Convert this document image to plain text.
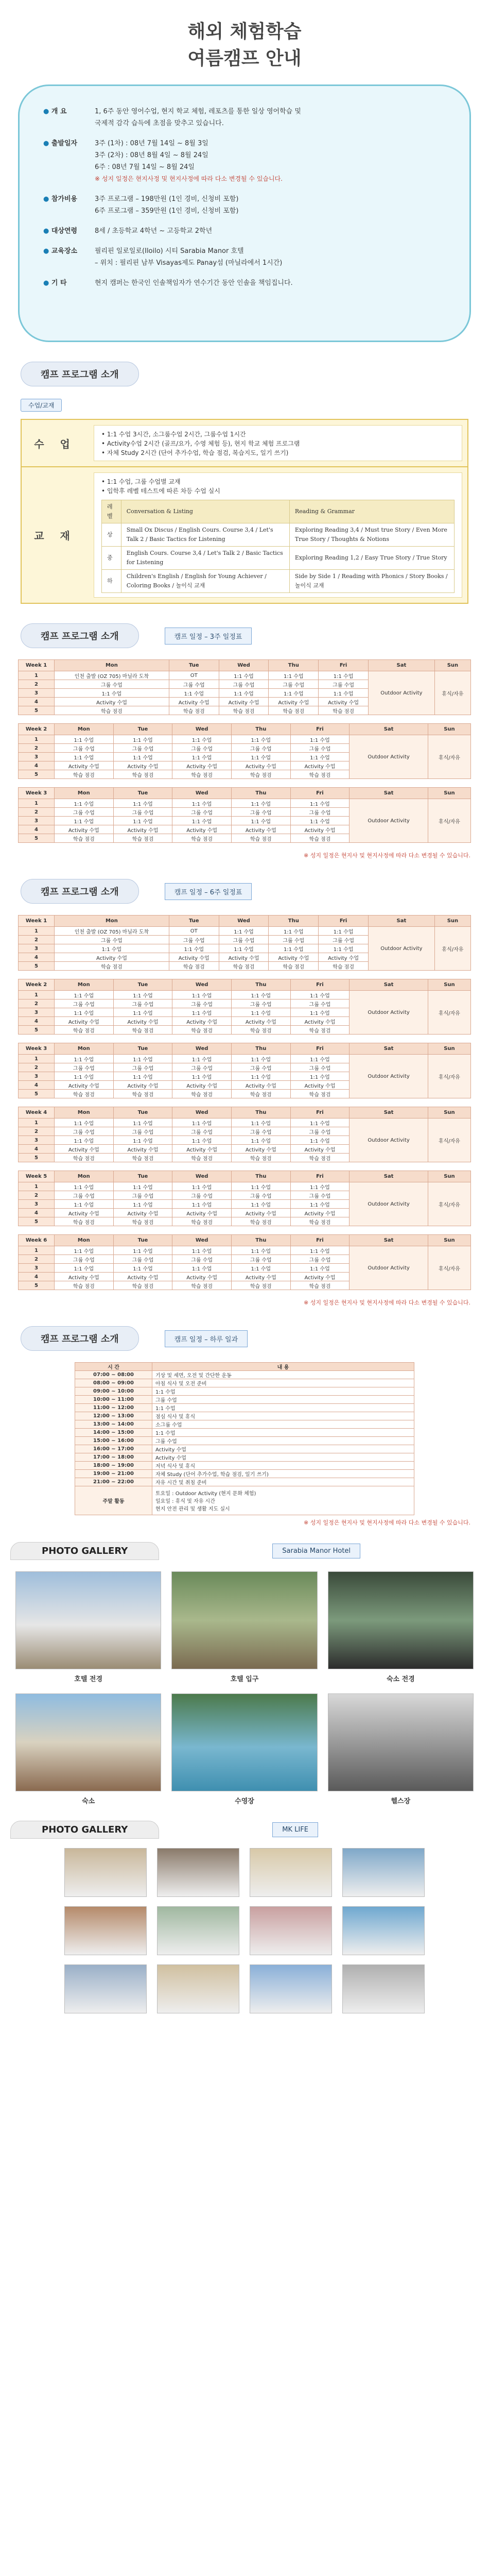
해외 체험학습
여름캠프 안내
● 개 요	1, 6주 동안 영어수업, 현지 학교 체험, 레포츠를 통한 일상 영어학습 및
국제적 감각 습득에 초점을 맞추고 있습니다.
● 출발일자	3주 (1차) : 08년 7월 14일 ~ 8월 3일
3주 (2차) : 08년 8월 4일 ~ 8월 24일
6주 : 08년 7월 14일 ~ 8월 24일
※ 성지 일정은 현지사정 및 현지사정에 따라 다소 변경될 수 있습니다.
● 참가비용	3주 프로그램 – 198만원 (1인 경비, 신청비 포함)
6주 프로그램 – 359만원 (1인 경비, 신청비 포함)
● 대상연령	8세 / 초등학교 4학년 ~ 고등학교 2학년
● 교육장소	필리핀 일로일로(Iloilo) 시티 Sarabia Manor 호텔
– 위치 : 필리핀 남부 Visayas제도 Panay섬 (마닐라에서 1시간)
● 기 타	현지 캠퍼는 한국인 인솔책임자가 연수기간 동안 인솔을 책임집니다.
캠프 프로그램 소개
수업/교재
수 업
• 1:1 수업 3시간, 소그룹수업 2시간, 그룹수업 1시간
• Activity수업 2시간 (골프/요가, 수영 체험 등), 현지 학교 체험 프로그램
• 자체 Study 2시간 (단어 추가수업, 학습 점검, 복습지도, 일기 쓰기)
교 재
• 1:1 수업, 그룹 수업별 교재
• 입학후 레벨 테스트에 따른 차등 수업 실시
레벨	Conversation & Listing	Reading & Grammar
상	Small Ox Discus / English Cours. Course 3,4 / Let's Talk 2 / Basic Tactics for Listening	Exploring Reading 3,4 / Must true Story / Even More True Story / Thoughts & Notions
중	English Cours. Course 3,4 / Let's Talk 2 / Basic Tactics for Listening	Exploring Reading 1,2 / Easy True Story / True Story
하	Children's English / English for Young Achiever / Coloring Books / 놀이식 교재	Side by Side 1 / Reading with Phonics / Story Books / 놀이식 교재
캠프 프로그램 소개	캠프 일정 – 3주 일정표
Week 1	Mon	Tue	Wed	Thu	Fri	Sat	Sun
1	인천 출발 (OZ 705) 마닐라 도착	OT	1:1 수업	1:1 수업	1:1 수업	Outdoor Activity	휴식/자유
2	그룹 수업	그룹 수업	그룹 수업	그룹 수업	그룹 수업		
3	1:1 수업	1:1 수업	1:1 수업	1:1 수업	1:1 수업		
4	Activity 수업	Activity 수업	Activity 수업	Activity 수업	Activity 수업		
5	학습 점검	학습 점검	학습 점검	학습 점검	학습 점검		
Week 2	Mon	Tue	Wed	Thu	Fri	Sat	Sun
1	1:1 수업	1:1 수업	1:1 수업	1:1 수업	1:1 수업	Outdoor Activity	휴식/자유
2	그룹 수업	그룹 수업	그룹 수업	그룹 수업	그룹 수업		
3	1:1 수업	1:1 수업	1:1 수업	1:1 수업	1:1 수업		
4	Activity 수업	Activity 수업	Activity 수업	Activity 수업	Activity 수업		
5	학습 점검	학습 점검	학습 점검	학습 점검	학습 점검		
Week 3	Mon	Tue	Wed	Thu	Fri	Sat	Sun
1	1:1 수업	1:1 수업	1:1 수업	1:1 수업	1:1 수업	Outdoor Activity	휴식/자유
2	그룹 수업	그룹 수업	그룹 수업	그룹 수업	그룹 수업		
3	1:1 수업	1:1 수업	1:1 수업	1:1 수업	1:1 수업		
4	Activity 수업	Activity 수업	Activity 수업	Activity 수업	Activity 수업		
5	학습 점검	학습 점검	학습 점검	학습 점검	학습 점검		
※ 성지 일정은 현지사 및 현지사정에 따라 다소 변경될 수 있습니다.
캠프 프로그램 소개	캠프 일정 – 6주 일정표
Week 1	Mon	Tue	Wed	Thu	Fri	Sat	Sun
1	인천 출발 (OZ 705) 마닐라 도착	OT	1:1 수업	1:1 수업	1:1 수업	Outdoor Activity	휴식/자유
2	그룹 수업	그룹 수업	그룹 수업	그룹 수업	그룹 수업		
3	1:1 수업	1:1 수업	1:1 수업	1:1 수업	1:1 수업		
4	Activity 수업	Activity 수업	Activity 수업	Activity 수업	Activity 수업		
5	학습 점검	학습 점검	학습 점검	학습 점검	학습 점검		
Week 2	Mon	Tue	Wed	Thu	Fri	Sat	Sun
1	1:1 수업	1:1 수업	1:1 수업	1:1 수업	1:1 수업	Outdoor Activity	휴식/자유
2	그룹 수업	그룹 수업	그룹 수업	그룹 수업	그룹 수업		
3	1:1 수업	1:1 수업	1:1 수업	1:1 수업	1:1 수업		
4	Activity 수업	Activity 수업	Activity 수업	Activity 수업	Activity 수업		
5	학습 점검	학습 점검	학습 점검	학습 점검	학습 점검		
Week 3	Mon	Tue	Wed	Thu	Fri	Sat	Sun
1	1:1 수업	1:1 수업	1:1 수업	1:1 수업	1:1 수업	Outdoor Activity	휴식/자유
2	그룹 수업	그룹 수업	그룹 수업	그룹 수업	그룹 수업		
3	1:1 수업	1:1 수업	1:1 수업	1:1 수업	1:1 수업		
4	Activity 수업	Activity 수업	Activity 수업	Activity 수업	Activity 수업		
5	학습 점검	학습 점검	학습 점검	학습 점검	학습 점검		
Week 4	Mon	Tue	Wed	Thu	Fri	Sat	Sun
1	1:1 수업	1:1 수업	1:1 수업	1:1 수업	1:1 수업	Outdoor Activity	휴식/자유
2	그룹 수업	그룹 수업	그룹 수업	그룹 수업	그룹 수업		
3	1:1 수업	1:1 수업	1:1 수업	1:1 수업	1:1 수업		
4	Activity 수업	Activity 수업	Activity 수업	Activity 수업	Activity 수업		
5	학습 점검	학습 점검	학습 점검	학습 점검	학습 점검		
Week 5	Mon	Tue	Wed	Thu	Fri	Sat	Sun
1	1:1 수업	1:1 수업	1:1 수업	1:1 수업	1:1 수업	Outdoor Activity	휴식/자유
2	그룹 수업	그룹 수업	그룹 수업	그룹 수업	그룹 수업		
3	1:1 수업	1:1 수업	1:1 수업	1:1 수업	1:1 수업		
4	Activity 수업	Activity 수업	Activity 수업	Activity 수업	Activity 수업		
5	학습 점검	학습 점검	학습 점검	학습 점검	학습 점검		
Week 6	Mon	Tue	Wed	Thu	Fri	Sat	Sun
1	1:1 수업	1:1 수업	1:1 수업	1:1 수업	1:1 수업	Outdoor Activity	휴식/자유
2	그룹 수업	그룹 수업	그룹 수업	그룹 수업	그룹 수업		
3	1:1 수업	1:1 수업	1:1 수업	1:1 수업	1:1 수업		
4	Activity 수업	Activity 수업	Activity 수업	Activity 수업	Activity 수업		
5	학습 점검	학습 점검	학습 점검	학습 점검	학습 점검		
※ 성지 일정은 현지사 및 현지사정에 따라 다소 변경될 수 있습니다.
캠프 프로그램 소개	캠프 일정 – 하루 일과
시 간	내 용
07:00 ~ 08:00	기상 및 세면, 오전 및 간단한 운동
08:00 ~ 09:00	아침 식사 및 오전 준비
09:00 ~ 10:00	1:1 수업
10:00 ~ 11:00	그룹 수업
11:00 ~ 12:00	1:1 수업
12:00 ~ 13:00	점심 식사 및 휴식
13:00 ~ 14:00	소그룹 수업
14:00 ~ 15:00	1:1 수업
15:00 ~ 16:00	그룹 수업
16:00 ~ 17:00	Activity 수업
17:00 ~ 18:00	Activity 수업
18:00 ~ 19:00	저녁 식사 및 휴식
19:00 ~ 21:00	자체 Study (단어 추가수업, 학습 점검, 일기 쓰기)
21:00 ~ 22:00	자유 시간 및 취침 준비
주말 활동	토요일 : Outdoor Activity (현지 문화 체험)
일요일 : 휴식 및 자유 시간
현지 안전 관리 및 생활 지도 실시
※ 성지 일정은 현지사 및 현지사정에 따라 다소 변경될 수 있습니다.
PHOTO GALLERY	Sarabia Manor Hotel
호텔 전경	호텔 입구	숙소 전경
숙소	수영장	헬스장
PHOTO GALLERY	MK LIFE
